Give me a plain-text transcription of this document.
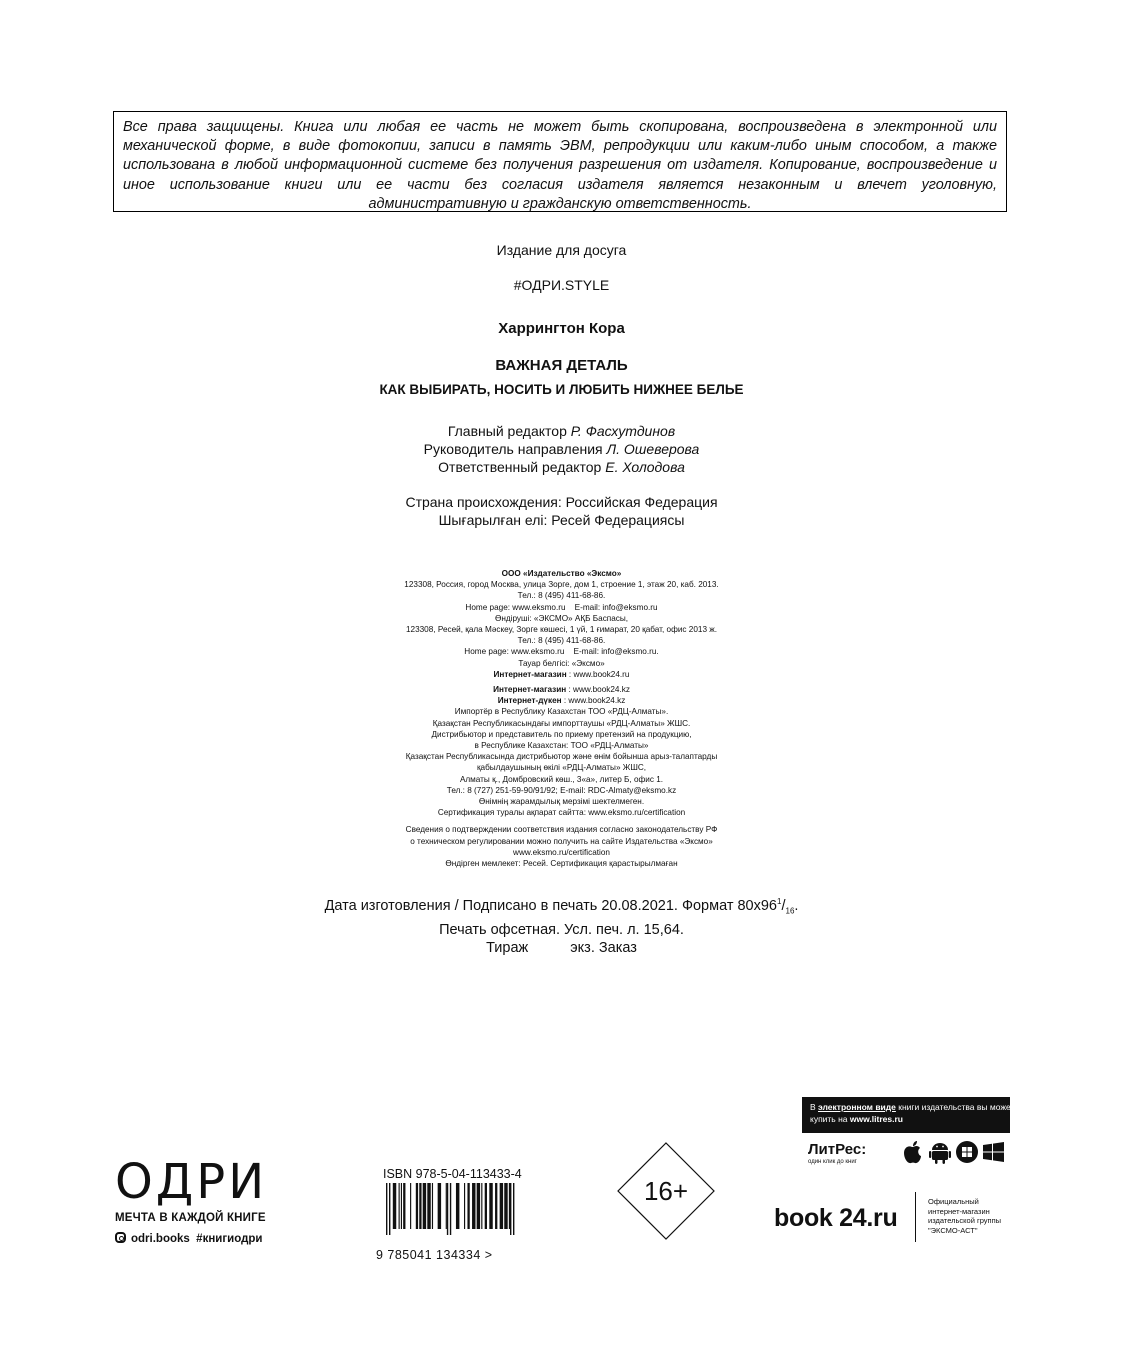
Все права защищены. Книга или любая ее часть не может быть скопирована, воспроизведена в электронной или механической форме, в виде фотокопии, записи в память ЭВМ, репродукции или каким-либо иным способом, а также использована в любой информационной системе без получения разрешения от издателя. Копирование, воспроизведение и иное использование книги или ее части без согласия издателя является незаконным и влечет уголовную, административную и гражданскую ответственность.

Издание для досуга
#ОДРИ.STYLE
Харрингтон Кора
ВАЖНАЯ ДЕТАЛЬ
КАК ВЫБИРАТЬ, НОСИТЬ И ЛЮБИТЬ НИЖНЕЕ БЕЛЬЕ
Главный редактор Р. Фасхутдинов
Руководитель направления Л. Ошеверова
Ответственный редактор Е. Холодова
Страна происхождения: Российская Федерация
Шығарылған елі: Ресей Федерациясы
ООО «Издательство «Эксмо»
123308, Россия, город Москва, улица Зорге, дом 1, строение 1, этаж 20, каб. 2013.
Тел.: 8 (495) 411-68-86.
Home page: www.eksmo.ru    E-mail: info@eksmo.ru
Өндіруші: «ЭКСМО» АҚБ Баспасы,
123308, Ресей, қала Мәскеу, Зорге көшесі, 1 үй, 1 ғимарат, 20 қабат, офис 2013 ж.
Тел.: 8 (495) 411-68-86.
Home page: www.eksmo.ru    E-mail: info@eksmo.ru.
Тауар белгісі: «Эксмо»
Интернет-магазин : www.book24.ru
Интернет-магазин : www.book24.kz
Интернет-дүкен : www.book24.kz
Импортёр в Республику Казахстан ТОО «РДЦ-Алматы».
Қазақстан Республикасындағы импорттаушы «РДЦ-Алматы» ЖШС.
Дистрибьютор и представитель по приему претензий на продукцию,
в Республике Казахстан: ТОО «РДЦ-Алматы»
Қазақстан Республикасында дистрибьютор және өнім бойынша арыз-талаптарды
қабылдаушының өкілі «РДЦ-Алматы» ЖШС,
Алматы қ., Домбровский көш., 3«а», литер Б, офис 1.
Тел.: 8 (727) 251-59-90/91/92; E-mail: RDC-Almaty@eksmo.kz
Өнімнің жарамдылық мерзімі шектелмеген.
Сертификация туралы ақпарат сайтта: www.eksmo.ru/certification
Сведения о подтверждении соответствия издания согласно законодательству РФ
о техническом регулировании можно получить на сайте Издательства «Эксмо»
www.eksmo.ru/certification
Өндірген мемлекет: Ресей. Сертификация қарастырылмаған
Дата изготовления / Подписано в печать 20.08.2021. Формат $80x96^1/_{16}$.
Печать офсетная. Усл. печ. л. 15,64.
Тираж	экз. Заказ
ОДРИ
МЕЧТА В КАЖДОЙ КНИГЕ
odri.books  #книгиодри
ISBN 978-5-04-113433-4

9 785041 134334 >

16+
В электронном виде книги издательства вы можете
купить на www.litres.ru
ЛитРес:
один клик до книг
book 24.ru
Официальный
интернет-магазин
издательской группы
"ЭКСМО-АСТ"
